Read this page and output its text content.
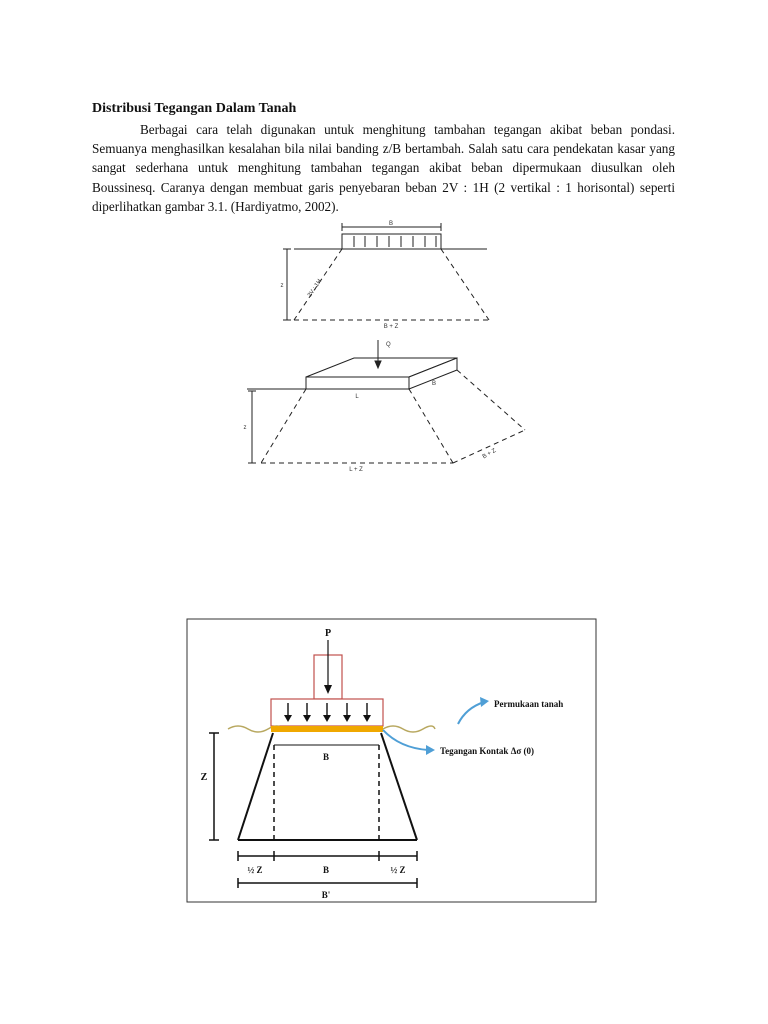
Distribusi Tegangan Dalam Tanah
Berbagai cara telah digunakan untuk menghitung tambahan tegangan akibat beban pondasi. Semuanya menghasilkan kesalahan bila nilai banding z/B bertambah. Salah satu cara pendekatan kasar yang sangat sederhana untuk menghitung tambahan tegangan akibat beban dipermukaan diusulkan oleh Boussinesq. Caranya dengan membuat garis penyebaran beban 2V : 1H (2 vertikal : 1 horisontal) seperti diperlihatkan gambar 3.1. (Hardiyatmo, 2002).
B
z	2V : 1H
B + Z
Q
L
B
z
L + Z
B + Z
P
Permukaan tanah
Tegangan Kontak Δσ (0)
B
Z
½ Z	B	½ Z
B'
